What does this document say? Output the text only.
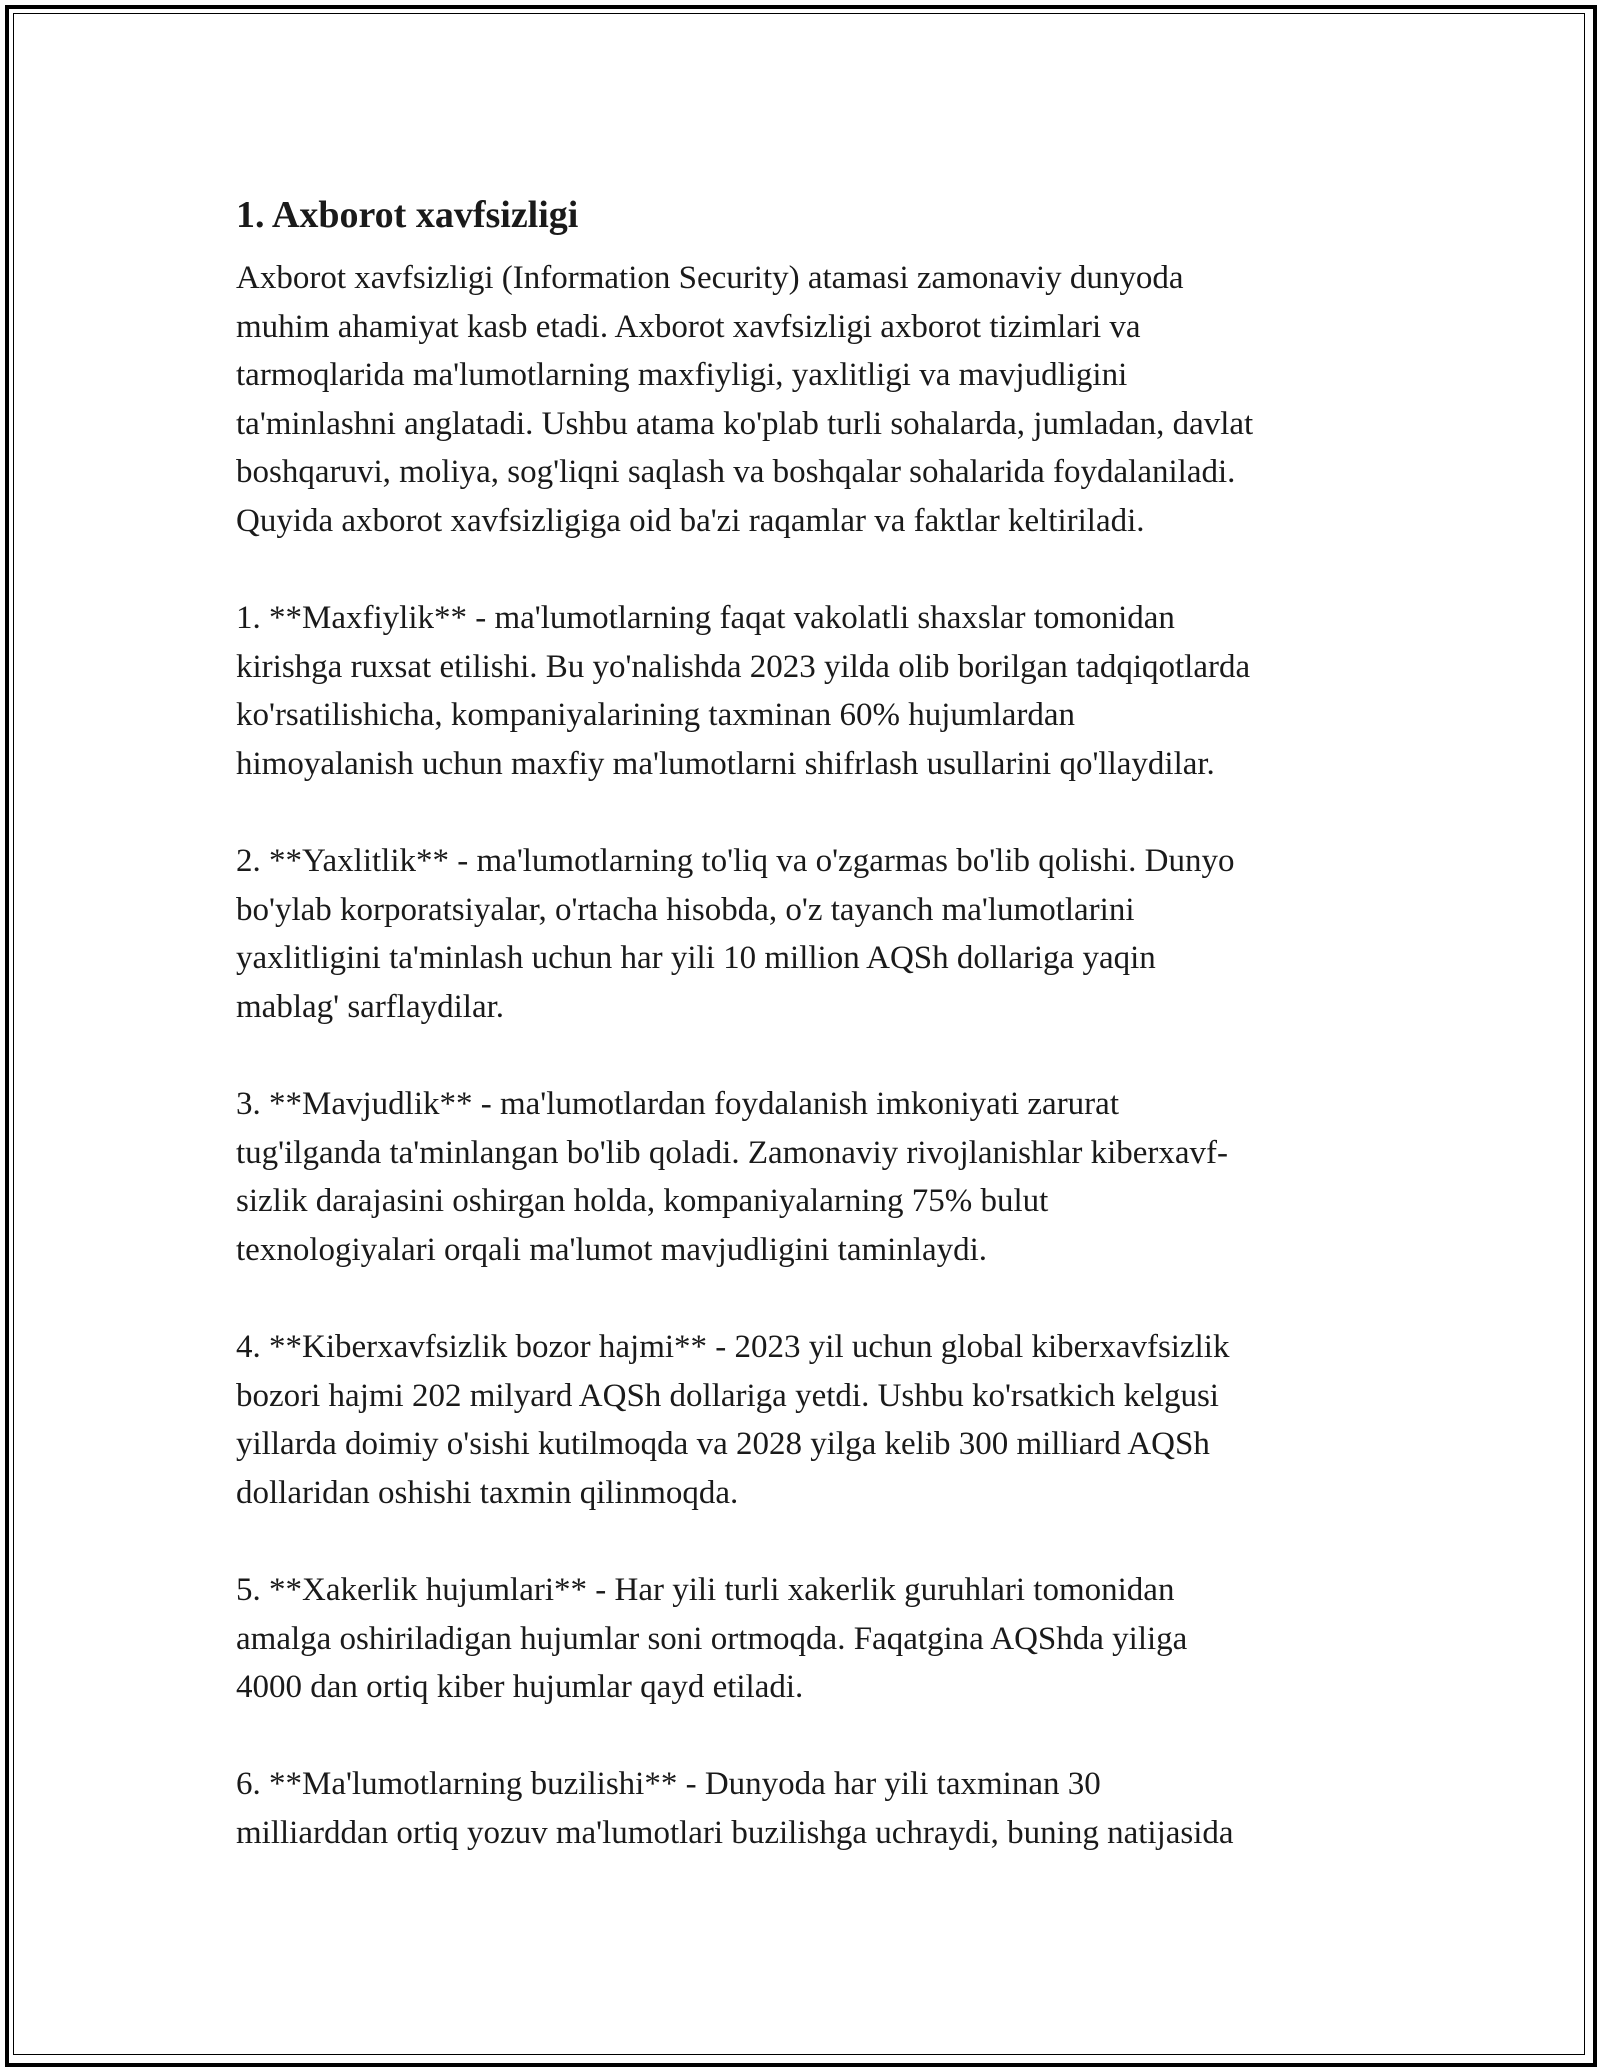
1. Axborot xavfsizligi
Axborot xavfsizligi (Information Security) atamasi zamonaviy dunyoda
muhim ahamiyat kasb etadi. Axborot xavfsizligi axborot tizimlari va
tarmoqlarida ma'lumotlarning maxfiyligi, yaxlitligi va mavjudligini
ta'minlashni anglatadi. Ushbu atama ko'plab turli sohalarda, jumladan, davlat
boshqaruvi, moliya, sog'liqni saqlash va boshqalar sohalarida foydalaniladi.
Quyida axborot xavfsizligiga oid ba'zi raqamlar va faktlar keltiriladi.
1. **Maxfiylik** - ma'lumotlarning faqat vakolatli shaxslar tomonidan
kirishga ruxsat etilishi. Bu yo'nalishda 2023 yilda olib borilgan tadqiqotlarda
ko'rsatilishicha, kompaniyalarining taxminan 60% hujumlardan
himoyalanish uchun maxfiy ma'lumotlarni shifrlash usullarini qo'llaydilar.
2. **Yaxlitlik** - ma'lumotlarning to'liq va o'zgarmas bo'lib qolishi. Dunyo
bo'ylab korporatsiyalar, o'rtacha hisobda, o'z tayanch ma'lumotlarini
yaxlitligini ta'minlash uchun har yili 10 million AQSh dollariga yaqin
mablag' sarflaydilar.
3. **Mavjudlik** - ma'lumotlardan foydalanish imkoniyati zarurat
tug'ilganda ta'minlangan bo'lib qoladi. Zamonaviy rivojlanishlar kiberxavf-
sizlik darajasini oshirgan holda, kompaniyalarning 75% bulut
texnologiyalari orqali ma'lumot mavjudligini taminlaydi.
4. **Kiberxavfsizlik bozor hajmi** - 2023 yil uchun global kiberxavfsizlik
bozori hajmi 202 milyard AQSh dollariga yetdi. Ushbu ko'rsatkich kelgusi
yillarda doimiy o'sishi kutilmoqda va 2028 yilga kelib 300 milliard AQSh
dollaridan oshishi taxmin qilinmoqda.
5. **Xakerlik hujumlari** - Har yili turli xakerlik guruhlari tomonidan
amalga oshiriladigan hujumlar soni ortmoqda. Faqatgina AQShda yiliga
4000 dan ortiq kiber hujumlar qayd etiladi.
6. **Ma'lumotlarning buzilishi** - Dunyoda har yili taxminan 30
milliarddan ortiq yozuv ma'lumotlari buzilishga uchraydi, buning natijasida
